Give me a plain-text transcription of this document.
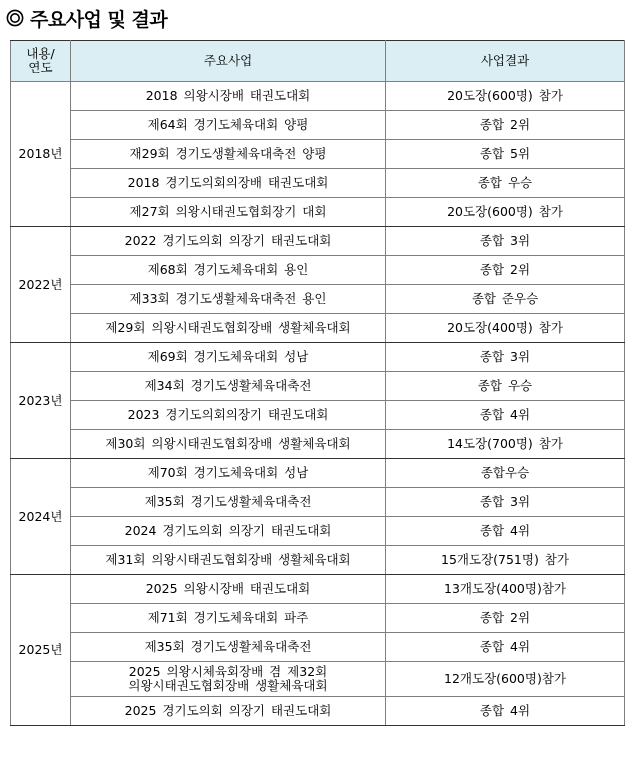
주요사업 및 결과
내용/
연도	주요사업	사업결과
2018년	2018 의왕시장배 태권도대회	20도장(600명) 참가
	제64회 경기도체육대회 양평	종합 2위
	재29회 경기도생활체육대축전 양평	종합 5위
	2018 경기도의회의장배 태권도대회	종합 우승
	제27회 의왕시태권도협회장기 대회	20도장(600명) 참가
2022년	2022 경기도의회 의장기 태권도대회	종합 3위
	제68회 경기도체육대회 용인	종합 2위
	제33회 경기도생활체육대축전 용인	종합 준우승
	제29회 의왕시태권도협회장배 생활체육대회	20도장(400명) 참가
2023년	제69회 경기도체육대회 성남	종합 3위
	제34회 경기도생활체육대축전	종합 우승
	2023 경기도의회의장기 태권도대회	종합 4위
	제30회 의왕시태권도협회장배 생활체육대회	14도장(700명) 참가
2024년	제70회 경기도체육대회 성남	종합우승
	제35회 경기도생활체육대축전	종합 3위
	2024 경기도의회 의장기 태권도대회	종합 4위
	제31회 의왕시태권도협회장배 생활체육대회	15개도장(751명) 참가
2025년	2025 의왕시장배 태권도대회	13개도장(400명)참가
	제71회 경기도체육대회 파주	종합 2위
	제35회 경기도생활체육대축전	종합 4위

	2025 의왕시체육회장배 겸 제32회
의왕시태권도협회장배 생활체육대회	12개도장(600명)참가
	2025 경기도의회 의장기 태권도대회	종합 4위
